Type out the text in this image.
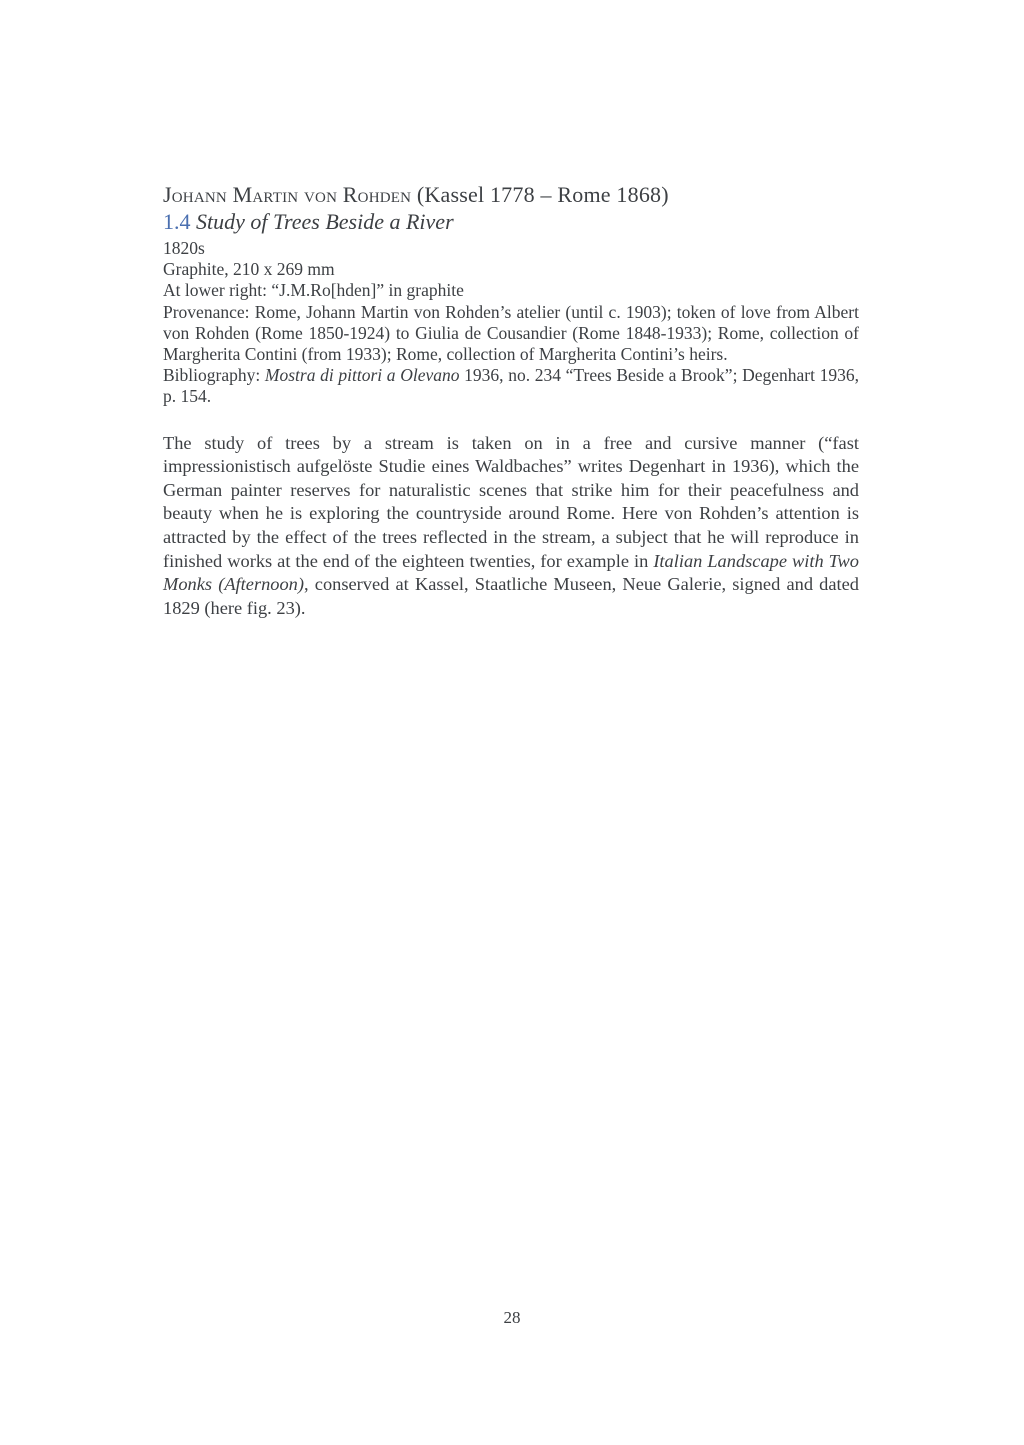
Johann Martin von Rohden (Kassel 1778 – Rome 1868)

1.4 Study of Trees Beside a River

1820s

Graphite, 210 x 269 mm

At lower right: “J.M.Ro[hden]” in graphite

Provenance: Rome, Johann Martin von Rohden’s atelier (until c. 1903); token of love from Albert von Rohden (Rome 1850-1924) to Giulia de Cousandier (Rome 1848-1933); Rome, collection of Margherita Contini (from 1933); Rome, collection of Margherita Contini’s heirs.

Bibliography: Mostra di pittori a Olevano 1936, no. 234 “Trees Beside a Brook”; Degenhart 1936, p. 154.

The study of trees by a stream is taken on in a free and cursive manner (“fast impressionistisch aufgelöste Studie eines Waldbaches” writes Degenhart in 1936), which the German painter reserves for naturalistic scenes that strike him for their peacefulness and beauty when he is exploring the countryside around Rome. Here von Rohden’s attention is attracted by the effect of the trees reflected in the stream, a subject that he will reproduce in finished works at the end of the eighteen twenties, for example in Italian Landscape with Two Monks (Afternoon), conserved at Kassel, Staatliche Museen, Neue Galerie, signed and dated 1829 (here fig. 23).

28
